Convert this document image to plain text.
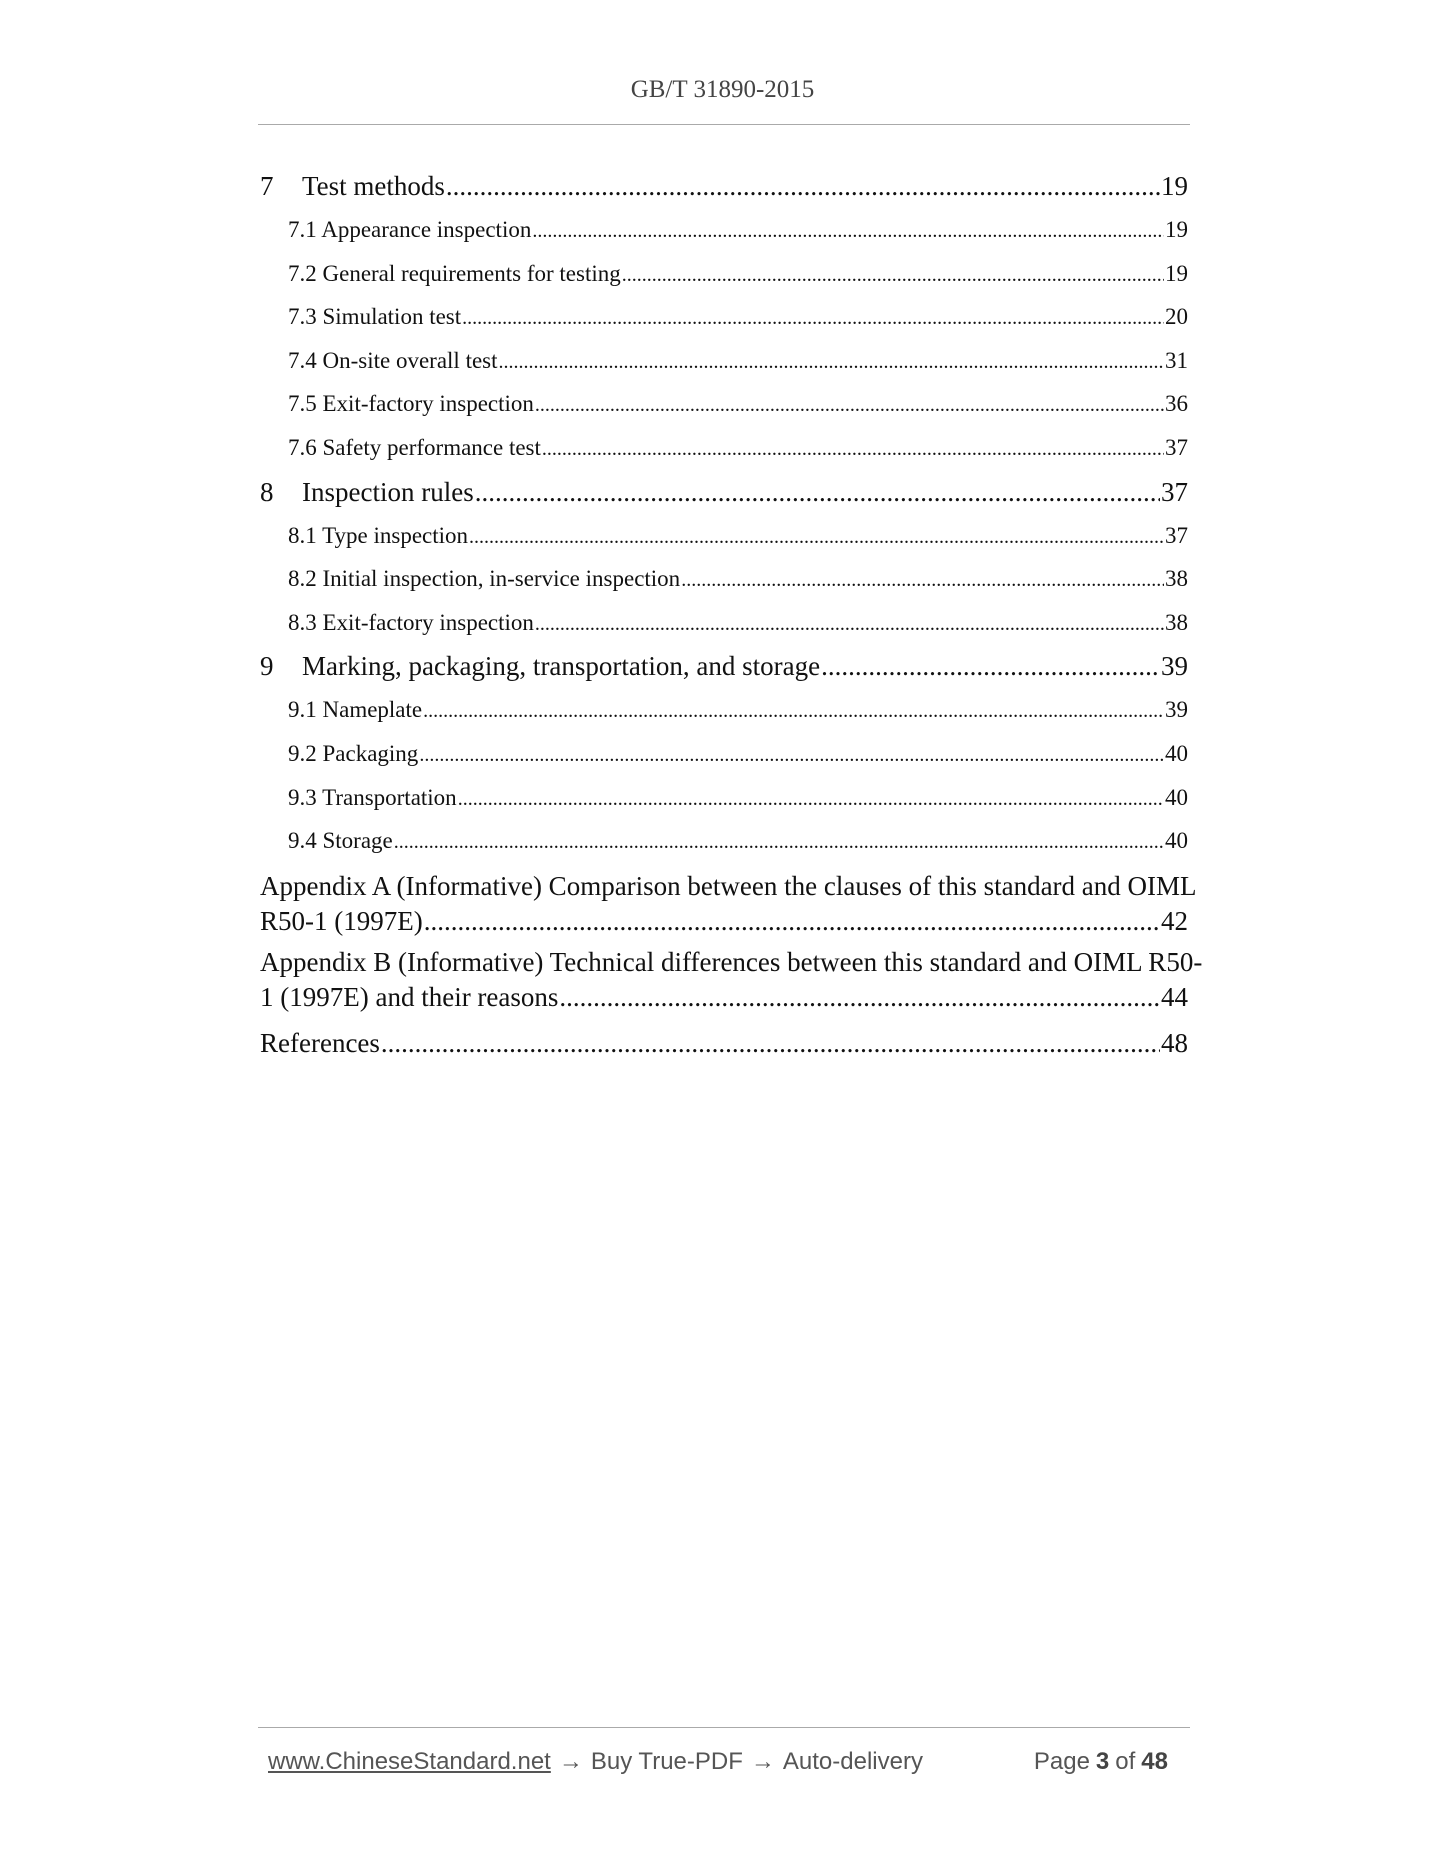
GB/T 31890-2015
7 Test methods .....	19
7.1 Appearance inspection .....	19
7.2 General requirements for testing .....	19
7.3 Simulation test .....	20
7.4 On-site overall test .....	31
7.5 Exit-factory inspection .....	36
7.6 Safety performance test .....	37
8 Inspection rules .....	37
8.1 Type inspection .....	37
8.2 Initial inspection, in-service inspection .....	38
8.3 Exit-factory inspection .....	38
9 Marking, packaging, transportation, and storage .....	39
9.1 Nameplate .....	39
9.2 Packaging .....	40
9.3 Transportation .....	40
9.4 Storage .....	40
Appendix A (Informative) Comparison between the clauses of this standard and OIML
R50-1 (1997E) .....	42
Appendix B (Informative) Technical differences between this standard and OIML R50-
1 (1997E) and their reasons .....	44
References .....	48
www.ChineseStandard.net → Buy True-PDF → Auto-delivery	Page 3 of 48
